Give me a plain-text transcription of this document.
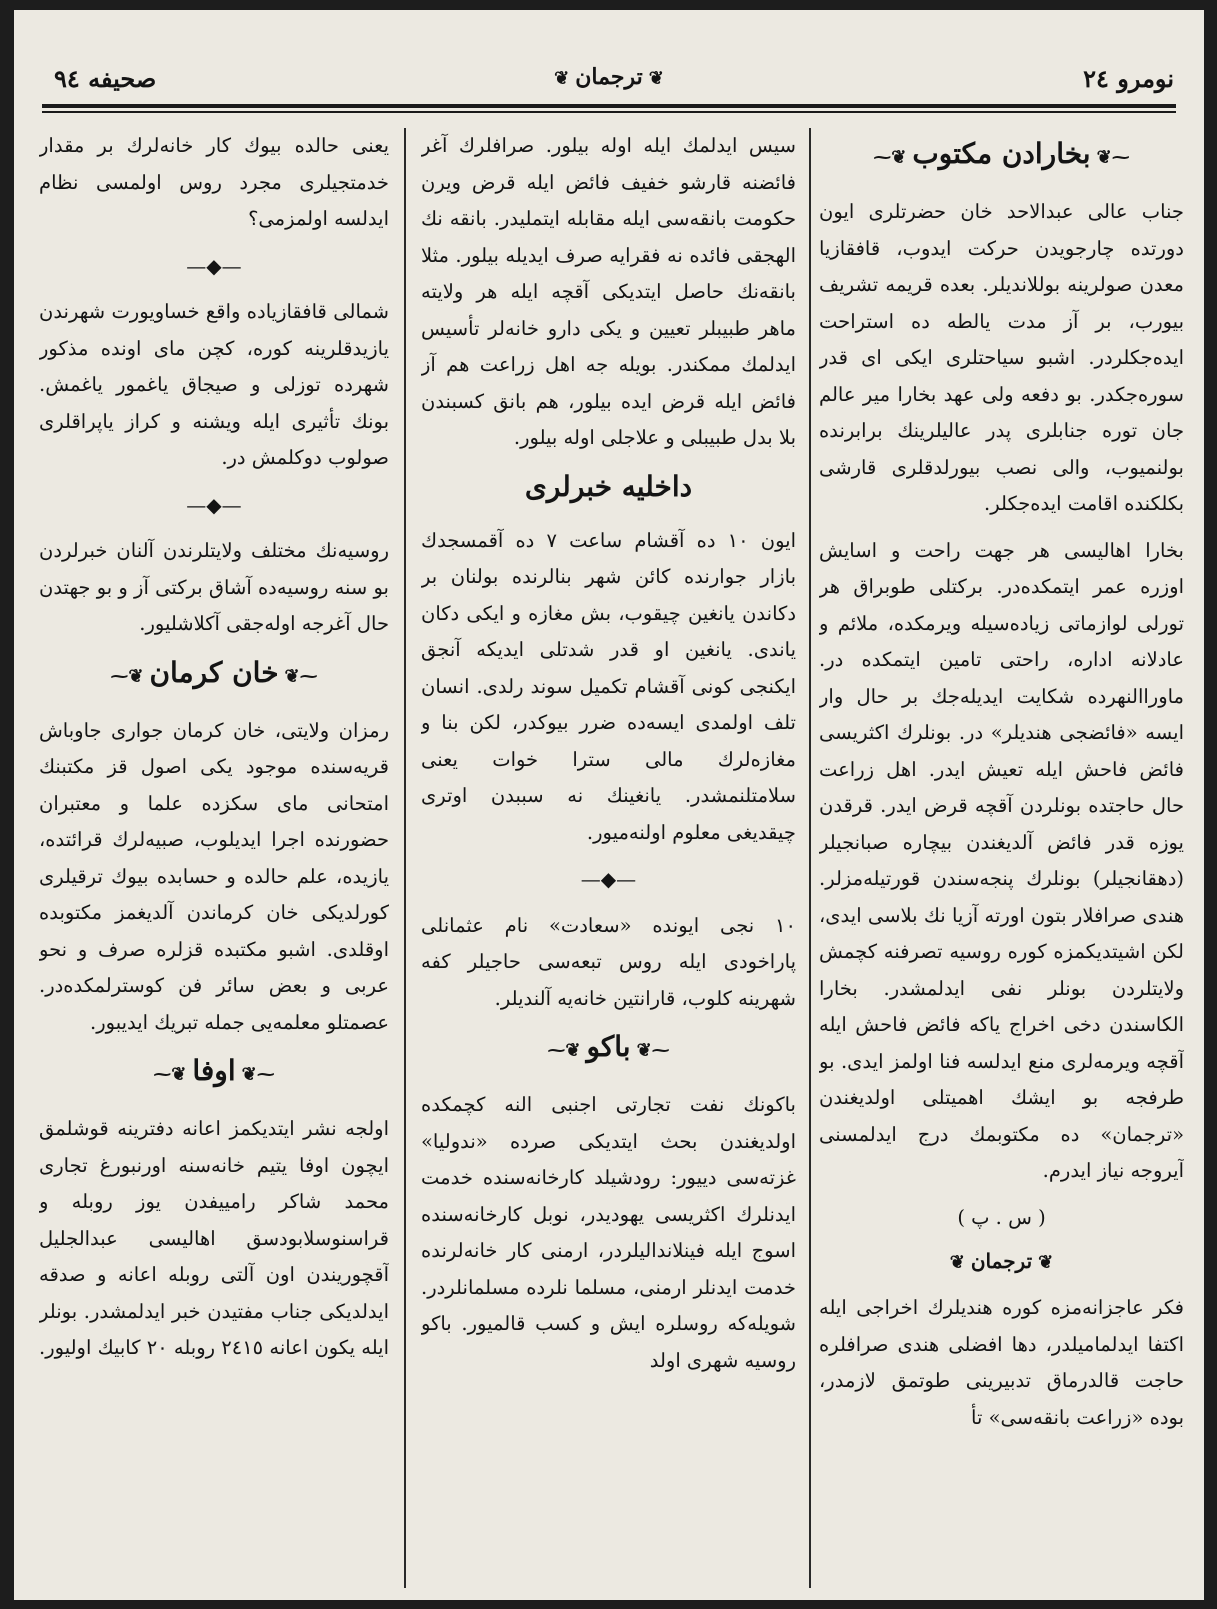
صحیفه ٩٤	❦ترجمان❦	نومرو ٢٤
⁓❦بخارادن مکتوب❦⁓

جناب عالی عبدالاحد خان حضرتلری ایون دورتده چارجویدن حرکت ایدوب، قافقازیا معدن صولرینه بوللاندیلر. بعده قریمه تشریف بیورب، بر آز مدت یالطه ده استراحت ایده‌جکلردر. اشبو سیاحتلری ایکی ای قدر سوره‌جکدر. بو دفعه ولی عهد بخارا میر عالم جان توره جنابلری پدر عالیلرینك برابرنده بولنمیوب، والی نصب بیو‌رلدقلری قارشی بکلکنده اقامت ایده‌جکلر.

بخارا اهالیسی هر جهت راحت و اسایش اوزره عمر ایتمکده‌در. برکتلی طوبراق هر تورلی لوازماتی زیاده‌سیله ویرمکده، ملائم و عادلانه اداره، راحتی تامین ایتمکده در. ماوراالنهرده شکایت ایدیله‌جك بر حال وار ایسه «فائضجی هندیلر» در. بونلرك اکثریسی فائض فاحش ایله تعیش ایدر. اهل زراعت حال حاجتده بونلردن آقچه قرض ایدر. قرقدن یوزه قدر فائض آلدیغندن بیچاره صبانجیلر (دهقانجیلر) بونلرك پنجه‌سندن قورتیله‌مزلر. هندی صرافلار بتون اورته آزیا نك بلاسی ایدی، لکن اشیتدیکمزه کوره روسیه تصرفنه کچمش ولایتلردن بونلر نفی ایدلمشدر. بخارا الکاسندن دخی اخراج یاکه فائض فاحش ایله آقچه ویرمه‌لری منع ایدلسه فنا اولمز ایدی. بو طرفجه بو ایشك اهمیتلی اولدیغندن «ترجمان» ده مکتوبمك درج ایدلمسنی آیروجه نیاز ایدرم.

( س . پ )
❦ترجمان❦

فکر عاجزانه‌مزه کوره هندیلرك اخراجی ایله اکتفا ایدلمامیلدر، دها افضلی هندی صرافلره حاجت قالدرماق تدبیرینی طوتمق لازمدر، بوده «زراعت بانقه‌سی» تأ

سیس ایدلمك ایله اوله بیلور. صرافلرك آغر فائضنه قارشو خفیف فائض ایله قرض ویرن حکومت بانقه‌سی ایله مقابله ایتملیدر. بانقه نك الهجقی فائده نه فقرایه صرف ایدیله بیلور. مثلا بانقه‌نك حاصل ایتدیکی آقچه ایله هر ولایته ماهر طبیبلر تعیین و یکی دارو خانه‌لر تأسیس ایدلمك ممکندر. بویله جه اهل زراعت هم آز فائض ایله قرض ایده بیلور، هم بانق کسبندن بلا بدل طبیبلی و علاجلی اوله بیلور.

داخلیه خبرلری

ایون ١٠ ده آقشام ساعت ٧ ده آقمسجدك بازار جوارنده کائن شهر بنالرنده بولنان بر دکاندن یانغین چیقوب، بش مغازه و ایکی دکان یاندی. یانغین او قدر شدتلی ایدیکه آنجق ایکنجی کونی آقشام تکمیل سوند رلدی. انسان تلف اولمدی ایسه‌ده ضرر بیوکدر، لکن بنا و مغازه‌لرك مالی سترا خوات یعنی سلامتلنمشدر. یانغینك نه سببدن اوتری چیقدیغی معلوم اولنه‌میور.

—◆—

١٠ نجی ایونده «سعادت» نام عثمانلی پاراخودی ایله روس تبعه‌سی حاجیلر کفه شهرینه کلوب، قارانتین خانه‌یه آلندیلر.

⁓❦باکو❦⁓

باکونك نفت تجارتی اجنبی النه کچمکده اولدیغندن بحث ایتدیکی صرده «ندولیا» غزته‌سی دییور: رودشیلد کارخانه‌سنده خدمت ایدنلرك اکثریسی یهودیدر، نوبل کارخانه‌سنده اسوج ایله فینلاندالیلردر، ارمنی کار خانه‌لرنده خدمت ایدنلر ارمنی، مسلما نلرده مسلمانلردر. شویله‌که روسلره ایش و کسب قالمیور. باکو روسیه شهری اولد

یعنی حالده بیوك کار خانه‌لرك بر مقدار خدمتجیلری مجرد روس اولمسی نظام ایدلسه اولمزمی؟

—◆—

شمالی قافقازیاده واقع خساویورت شهرندن یازیدقلرینه کوره، کچن مای اونده مذکور شهرده توزلی و صیجاق یاغمور یاغمش. بونك تأثیری ایله ویشنه و کراز یاپراقلری صولوب دوکلمش در.

—◆—

روسیه‌نك مختلف ولایتلرندن آلنان خبرلردن بو سنه روسیه‌ده آشاق برکتی آز و بو جهتدن حال آغرجه اوله‌جقی آکلاشلیور.

⁓❦خان کرمان❦⁓

رمزان ولایتی، خان کرمان جواری جاوباش قریه‌سنده موجود یکی اصول قز مکتبنك امتحانی مای سکزده علما و معتبران حضورنده اجرا ایدیلوب، صبیه‌لرك قرائتده، یازیده، علم حالده و حسابده بیوك ترقیلری کورلدیکی خان کرماندن آلدیغمز مکتوبده اوقلدی. اشبو مکتبده قزلره صرف و نحو عربی و بعض سائر فن کوسترلمکده‌در. عصمتلو معلمه‌یی جمله تبریك ایدیبور.

⁓❦اوفا❦⁓

اولجه نشر ایتدیکمز اعانه دفترینه قوشلمق ایچون اوفا یتیم خانه‌سنه اورنبورغ تجاری محمد شاکر رامییفدن یوز روبله و قراسنوسلابودسق اهالیسی عبدالجلیل آقچوریندن اون آلتی روبله اعانه و صدقه ایدلدیکی جناب مفتیدن خبر ایدلمشدر. بونلر ایله یکون اعانه ٢٤١٥ روبله ٢٠ کابیك اولیور.
